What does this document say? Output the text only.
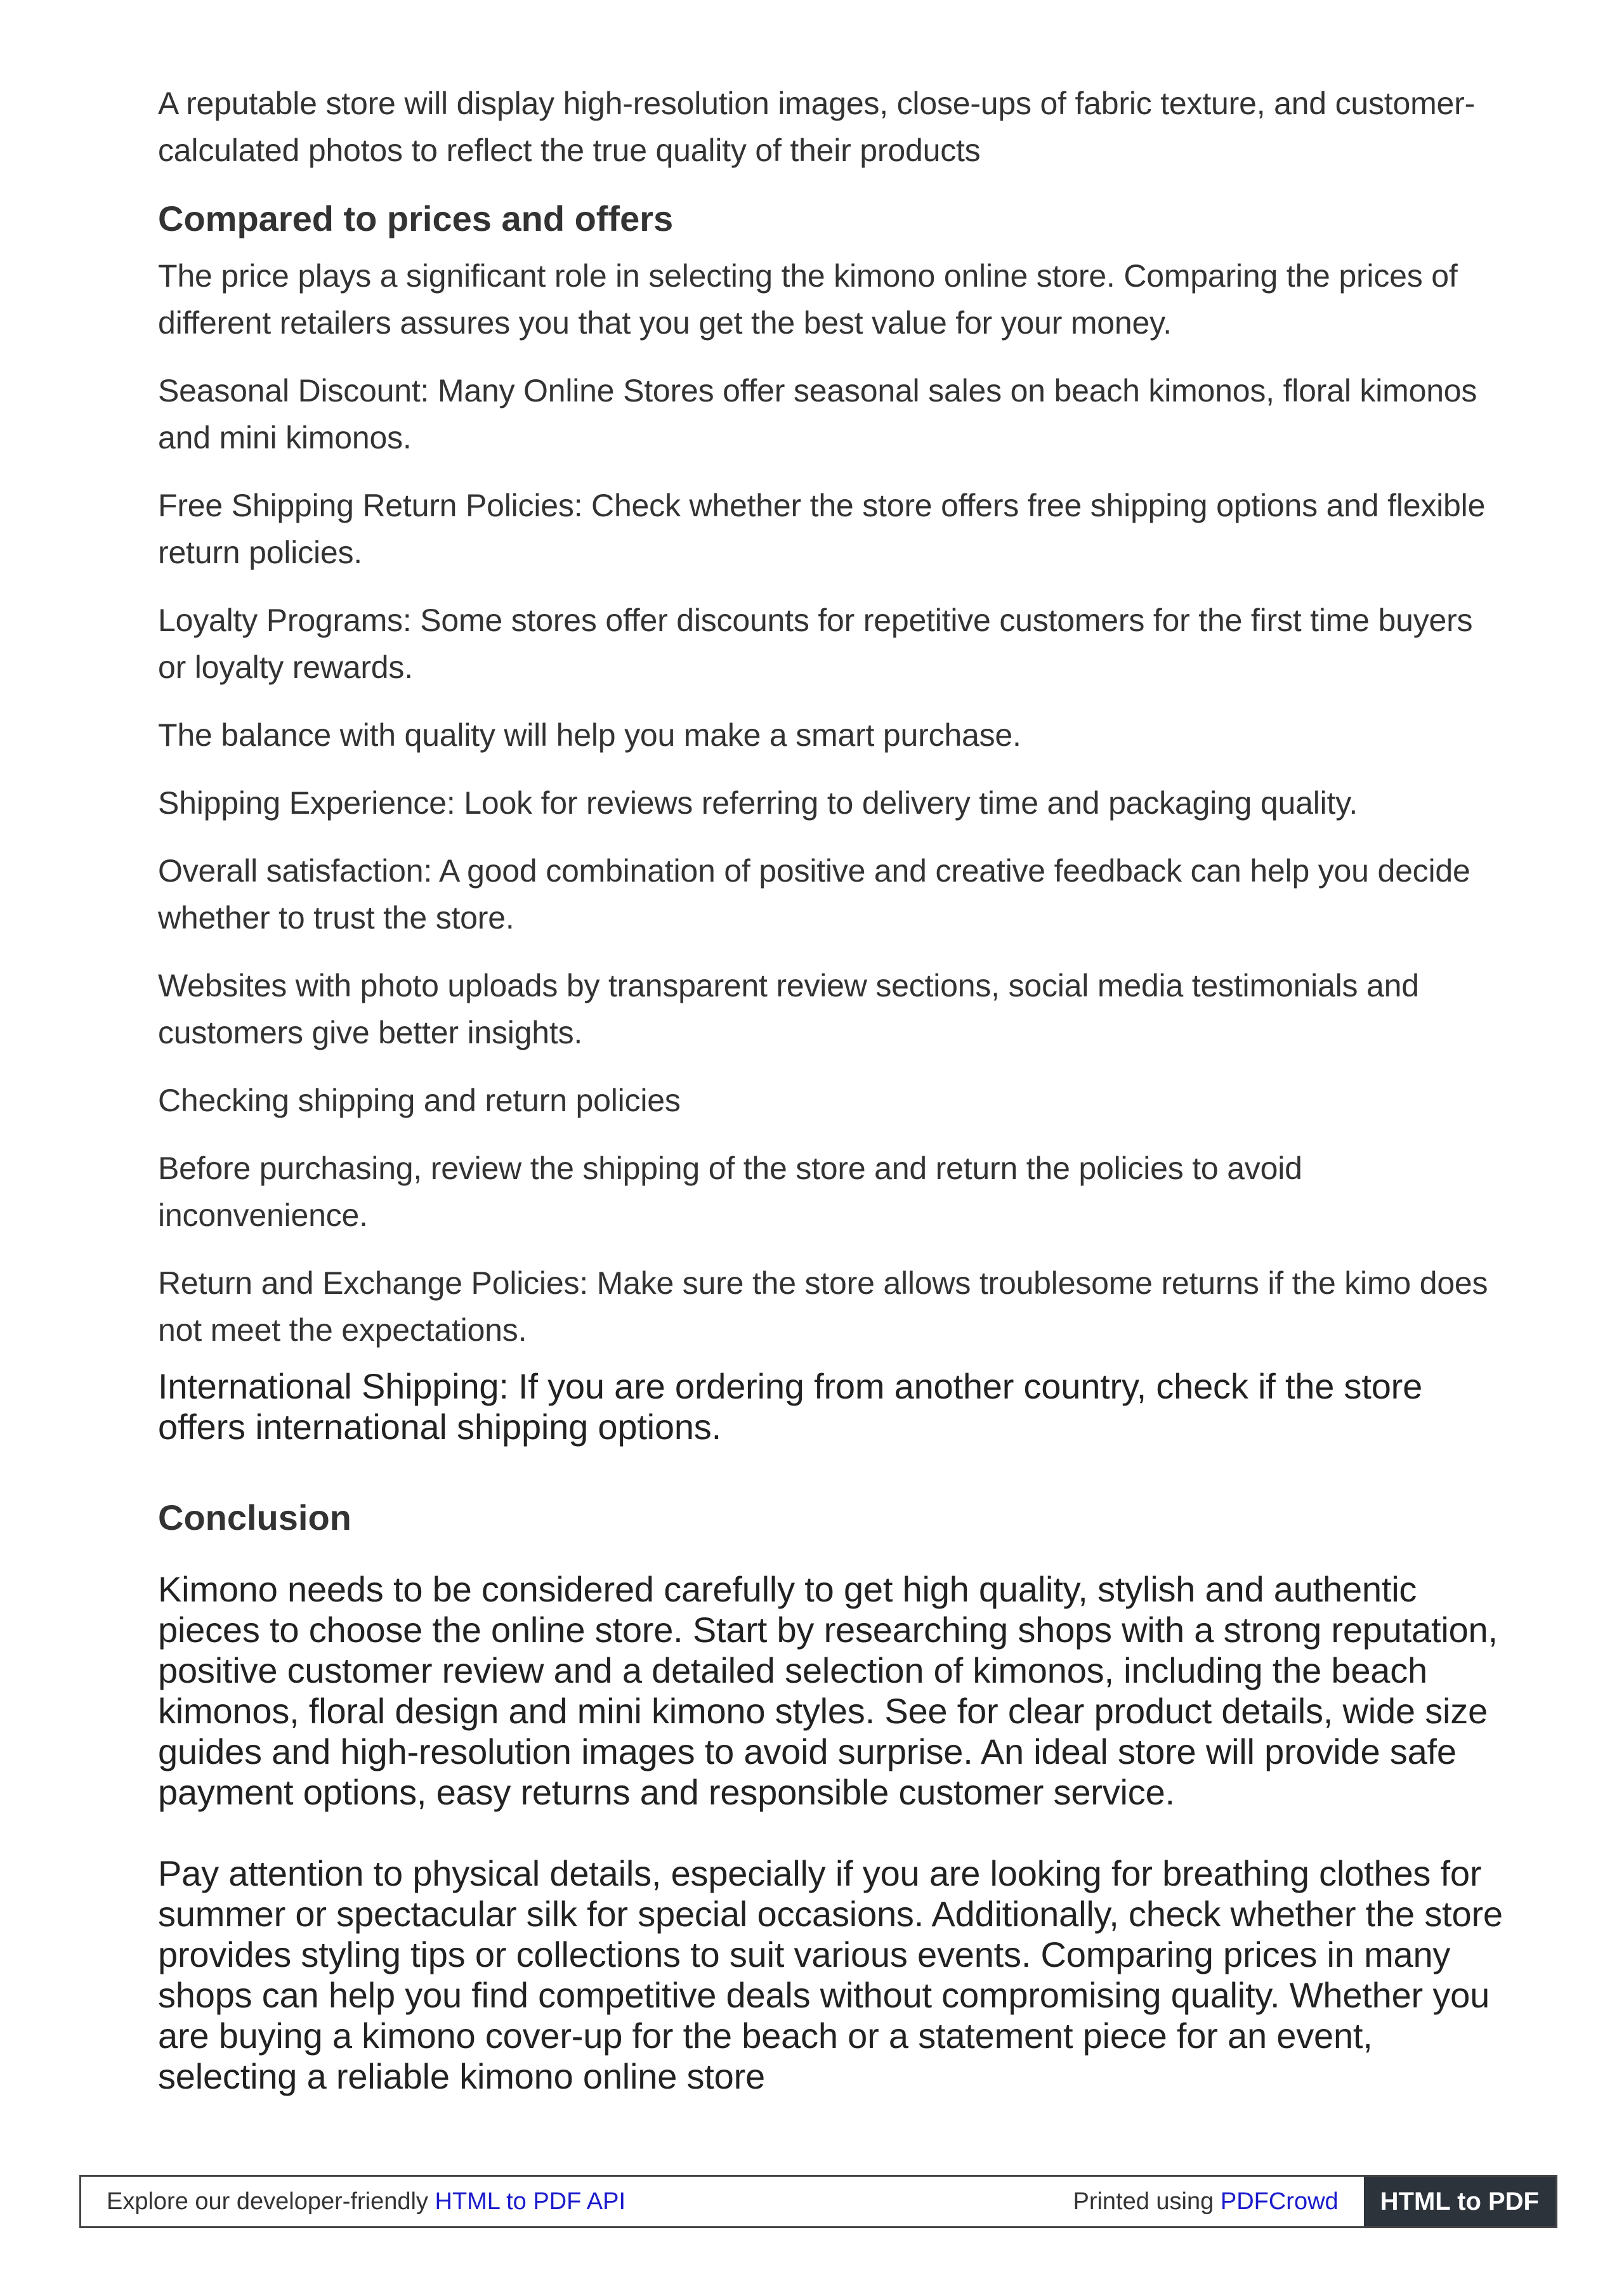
A reputable store will display high-resolution images, close-ups of fabric texture, and customer-calculated photos to reflect the true quality of their products

Compared to prices and offers

The price plays a significant role in selecting the kimono online store. Comparing the prices of different retailers assures you that you get the best value for your money.

Seasonal Discount: Many Online Stores offer seasonal sales on beach kimonos, floral kimonos and mini kimonos.

Free Shipping Return Policies: Check whether the store offers free shipping options and flexible return policies.

Loyalty Programs: Some stores offer discounts for repetitive customers for the first time buyers or loyalty rewards.

The balance with quality will help you make a smart purchase.

Shipping Experience: Look for reviews referring to delivery time and packaging quality.

Overall satisfaction: A good combination of positive and creative feedback can help you decide whether to trust the store.

Websites with photo uploads by transparent review sections, social media testimonials and customers give better insights.

Checking shipping and return policies

Before purchasing, review the shipping of the store and return the policies to avoid inconvenience.

Return and Exchange Policies: Make sure the store allows troublesome returns if the kimo does not meet the expectations.

International Shipping: If you are ordering from another country, check if the store offers international shipping options.

Conclusion

Kimono needs to be considered carefully to get high quality, stylish and authentic pieces to choose the online store. Start by researching shops with a strong reputation, positive customer review and a detailed selection of kimonos, including the beach kimonos, floral design and mini kimono styles. See for clear product details, wide size guides and high-resolution images to avoid surprise. An ideal store will provide safe payment options, easy returns and responsible customer service.

Pay attention to physical details, especially if you are looking for breathing clothes for summer or spectacular silk for special occasions. Additionally, check whether the store provides styling tips or collections to suit various events. Comparing prices in many shops can help you find competitive deals without compromising quality. Whether you are buying a kimono cover-up for the beach or a statement piece for an event, selecting a reliable kimono online store

Explore our developer-friendly HTML to PDF API	Printed using PDFCrowd	HTML to PDF
